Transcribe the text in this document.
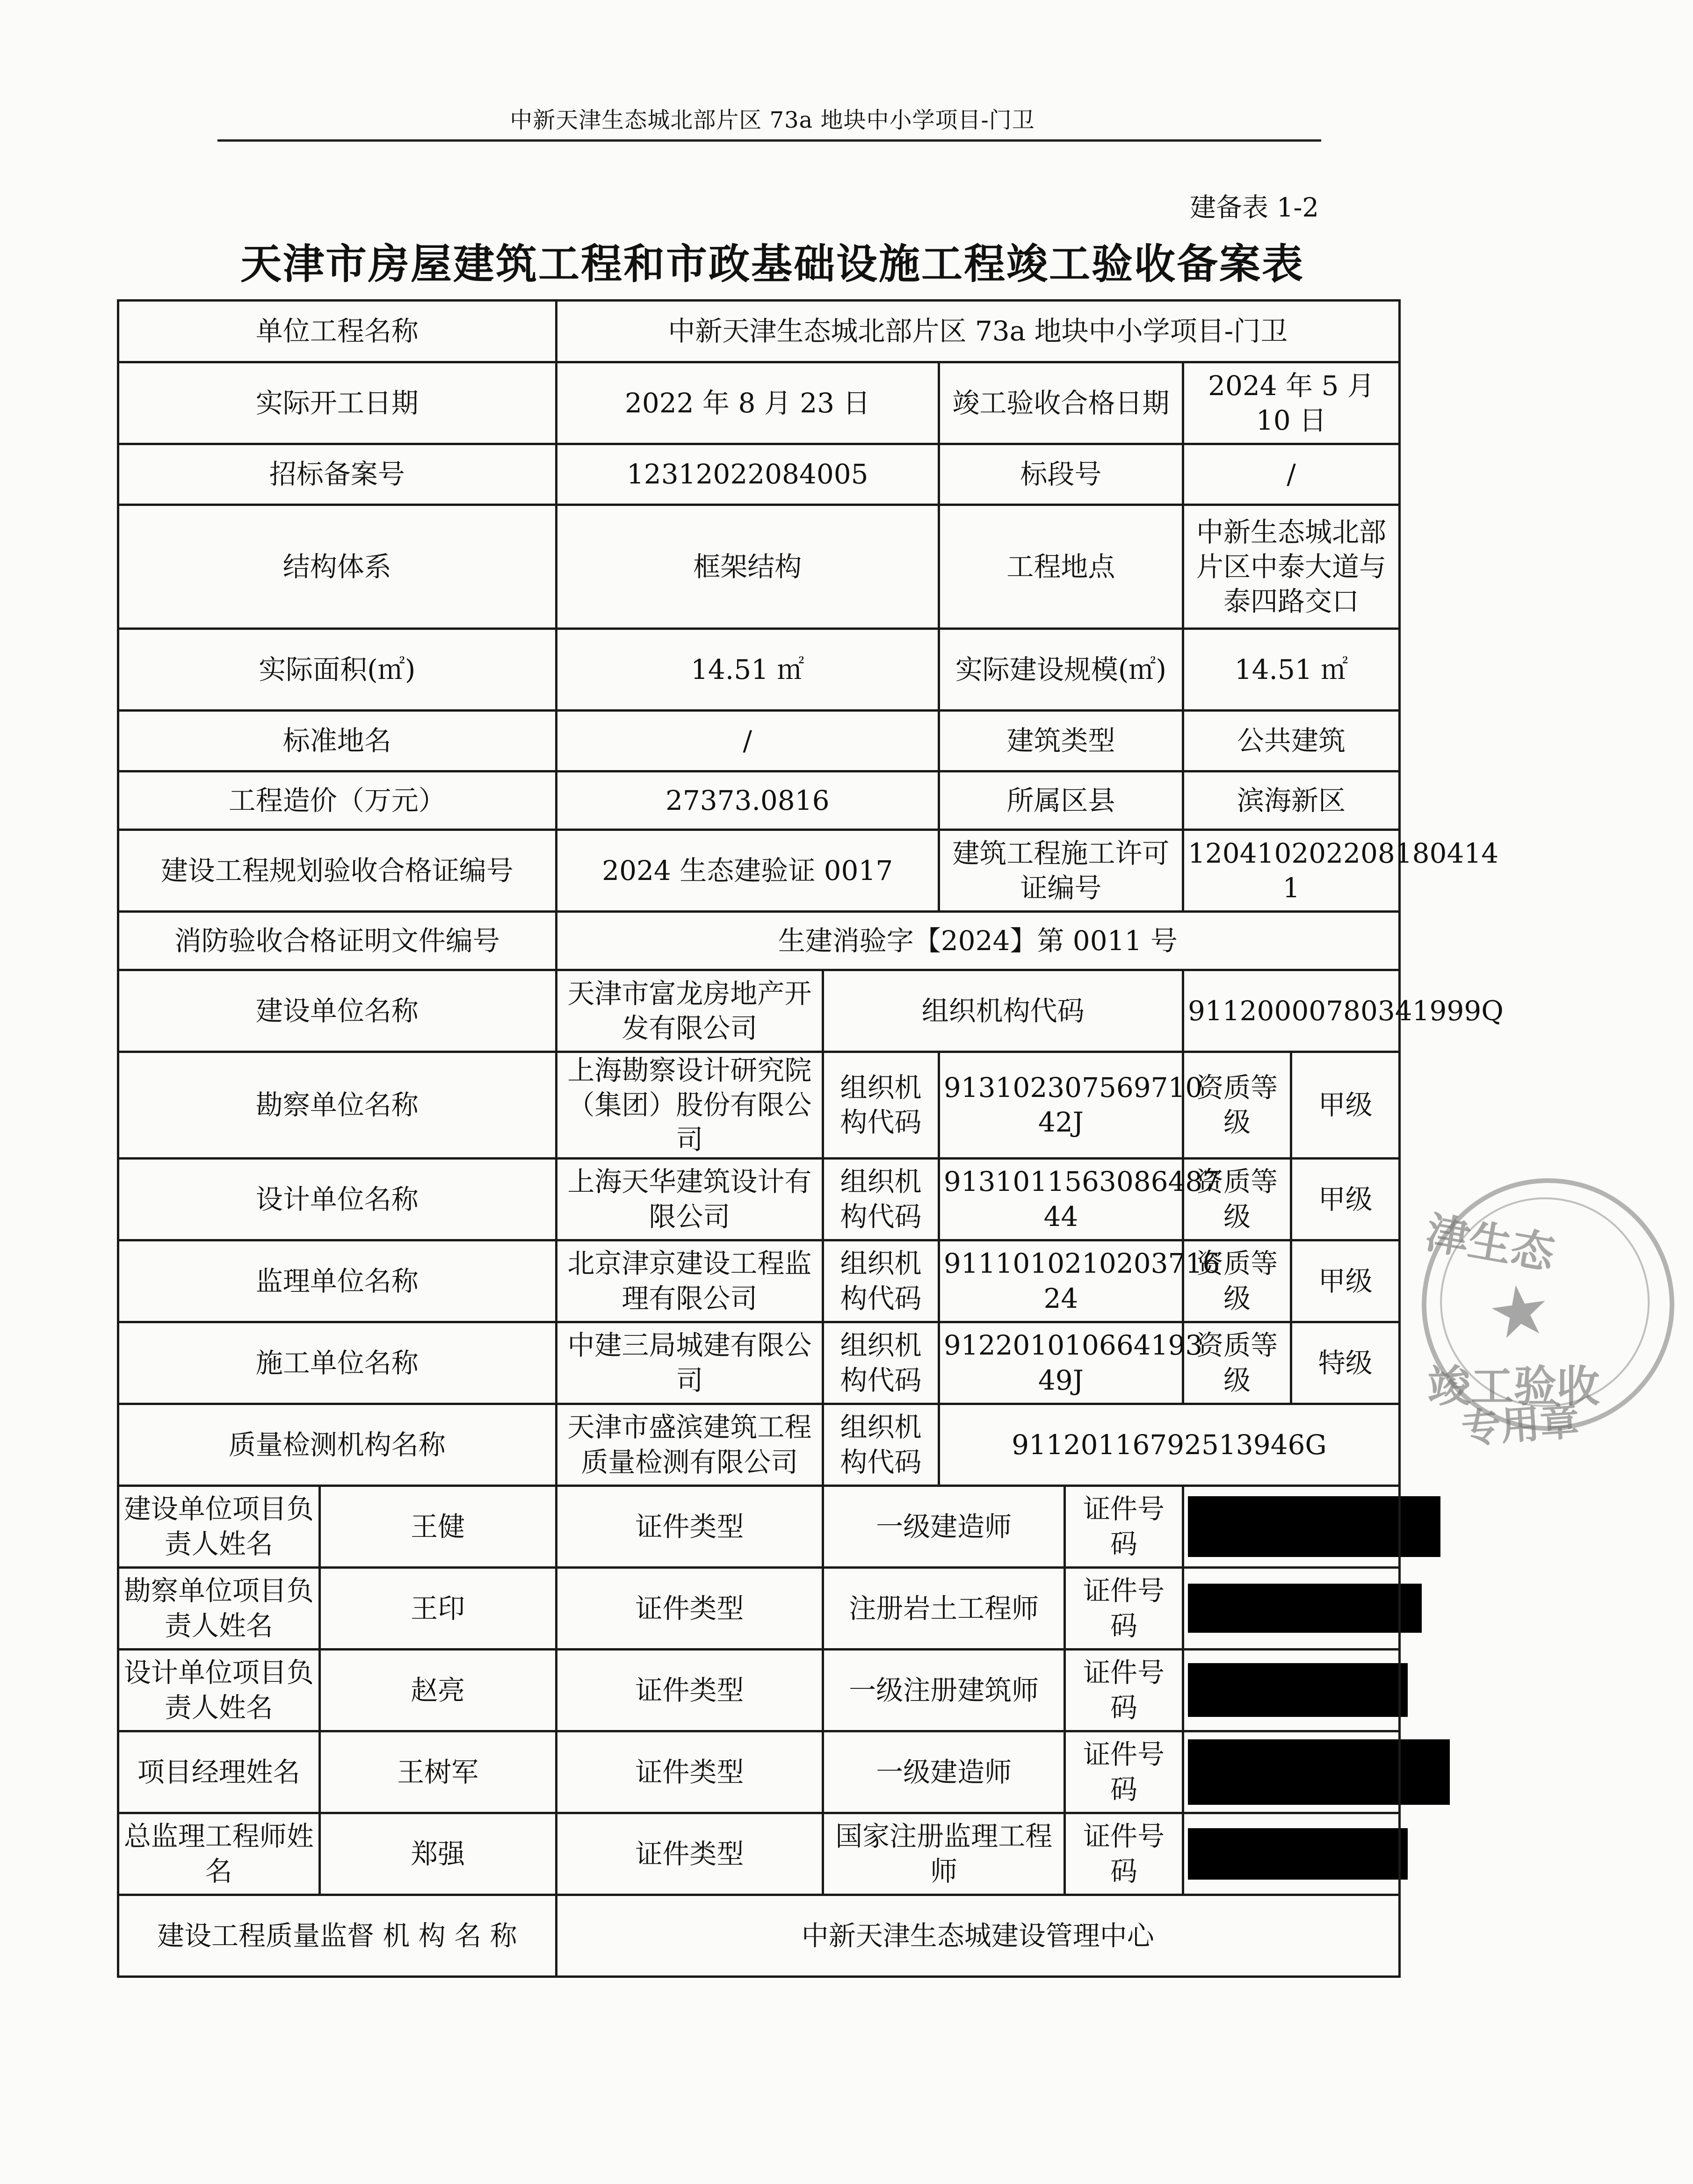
中新天津生态城北部片区 73a 地块中小学项目-门卫
建备表 1-2
天津市房屋建筑工程和市政基础设施工程竣工验收备案表
单位工程名称		中新天津生态城北部片区 73a 地块中小学项目-门卫					
实际开工日期		2022 年 8 月 23 日		竣工验收合格日期		2024 年 5 月 10 日	
招标备案号		12312022084005		标段号		/	
结构体系		框架结构		工程地点		中新生态城北部片区中泰大道与泰四路交口	
实际面积(㎡)		14.51 ㎡		实际建设规模(㎡)		14.51 ㎡	
标准地名		/		建筑类型		公共建筑	
工程造价（万元）		27373.0816		所属区县		滨海新区	
建设工程规划验收合格证编号		2024 生态建验证 0017		建筑工程施工许可证编号		120410202208180414 1	
消防验收合格证明文件编号		生建消验字【2024】第 0011 号					
建设单位名称		天津市富龙房地产开发有限公司	组织机构代码			91120000780341999Q	
勘察单位名称		上海勘察设计研究院（集团）股份有限公司	组织机构代码	913102307569710 42J		资质等级	甲级
设计单位名称		上海天华建筑设计有限公司	组织机构代码	9131011563086487 44		资质等级	甲级
监理单位名称		北京津京建设工程监理有限公司	组织机构代码	9111010210203716 24		资质等级	甲级
施工单位名称		中建三局城建有限公司	组织机构代码	912201010664193 49J		资质等级	特级
质量检测机构名称		天津市盛滨建筑工程质量检测有限公司	组织机构代码	91120116792513946G			
建设单位项目负责人姓名	王健	证件类型	一级建造师		证件号码		

勘察单位项目负责人姓名	王印	证件类型	注册岩土工程师		证件号码		

设计单位项目负责人姓名	赵亮	证件类型	一级注册建筑师		证件号码		

项目经理姓名	王树军	证件类型	一级建造师		证件号码		

总监理工程师姓名	郑强	证件类型	国家注册监理工程师		证件号码		

建设工程质量监督 机 构 名 称		中新天津生态城建设管理中心					
★
津生态
竣工验收
专用章
